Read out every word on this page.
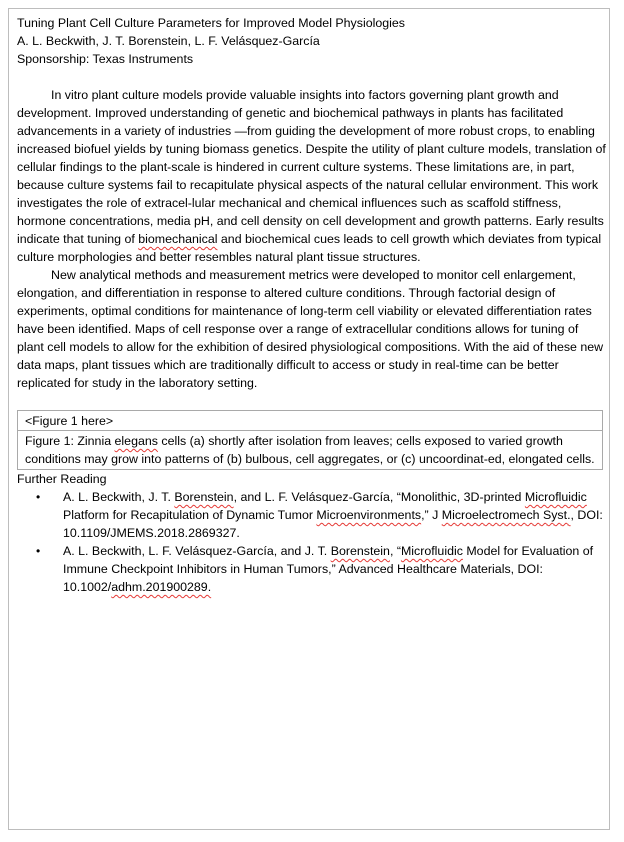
Tuning Plant Cell Culture Parameters for Improved Model Physiologies
A. L. Beckwith, J. T. Borenstein, L. F. Velásquez-García
Sponsorship: Texas Instruments

In vitro plant culture models provide valuable insights into factors governing plant growth and development. Improved understanding of genetic and biochemical pathways in plants has facilitated advancements in a variety of industries —from guiding the development of more robust crops, to enabling increased biofuel yields by tuning biomass genetics. Despite the utility of plant culture models, translation of cellular findings to the plant-scale is hindered in current culture systems. These limitations are, in part, because culture systems fail to recapitulate physical aspects of the natural cellular environment. This work investigates the role of extracel-lular mechanical and chemical influences such as scaffold stiffness, hormone concentrations, media pH, and cell density on cell development and growth patterns. Early results indicate that tuning of biomechanical and biochemical cues leads to cell growth which deviates from typical culture morphologies and better resembles natural plant tissue structures.

New analytical methods and measurement metrics were developed to monitor cell enlargement, elongation, and differentiation in response to altered culture conditions. Through factorial design of experiments, optimal conditions for maintenance of long-term cell viability or elevated differentiation rates have been identified. Maps of cell response over a range of extracellular conditions allows for tuning of plant cell models to allow for the exhibition of desired physiological compositions. With the aid of these new data maps, plant tissues which are traditionally difficult to access or study in real-time can be better replicated for study in the laboratory setting.

<Figure 1 here>
Figure 1: Zinnia elegans cells (a) shortly after isolation from leaves; cells exposed to varied growth conditions may grow into patterns of (b) bulbous, cell aggregates, or (c) uncoordinat-ed, elongated cells.
Further Reading
• A. L. Beckwith, J. T. Borenstein, and L. F. Velásquez-García, “Monolithic, 3D-printed Microfluidic Platform for Recapitulation of Dynamic Tumor Microenvironments,” J Microelectromech Syst., DOI: 10.1109/JMEMS.2018.2869327.
• A. L. Beckwith, L. F. Velásquez-García, and J. T. Borenstein, “Microfluidic Model for Evaluation of Immune Checkpoint Inhibitors in Human Tumors,” Advanced Healthcare Materials, DOI: 10.1002/adhm.201900289.
